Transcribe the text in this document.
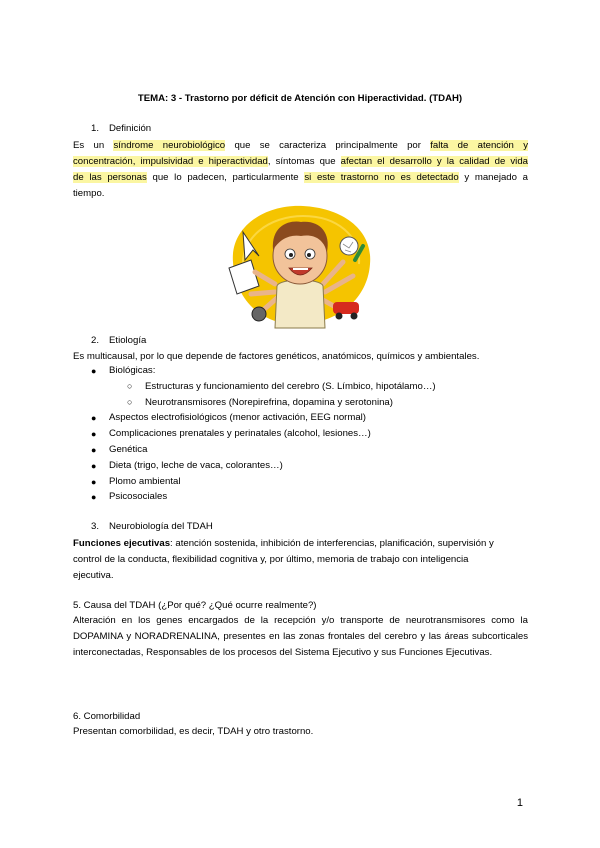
TEMA: 3 - Trastorno por déficit de Atención con Hiperactividad. (TDAH)
1. Definición
Es un síndrome neurobiológico que se caracteriza principalmente por falta de atención y
concentración, impulsividad e hiperactividad, síntomas que afectan el desarrollo y la calidad de vida
de las personas que lo padecen, particularmente si este trastorno no es detectado y manejado a
tiempo.
2. Etiología
Es multicausal, por lo que depende de factores genéticos, anatómicos, químicos y ambientales.
● Biológicas:
○ Estructuras y funcionamiento del cerebro (S. Límbico, hipotálamo…)
○ Neurotransmisores (Norepirefrina, dopamina y serotonina)
● Aspectos electrofisiológicos (menor activación, EEG normal)
● Complicaciones prenatales y perinatales (alcohol, lesiones…)
● Genética
● Dieta (trigo, leche de vaca, colorantes…)
● Plomo ambiental
● Psicosociales
3. Neurobiología del TDAH
Funciones ejecutivas: atención sostenida, inhibición de interferencias, planificación, supervisión y
control de la conducta, flexibilidad cognitiva y, por último, memoria de trabajo con inteligencia
ejecutiva.
5. Causa del TDAH (¿Por qué? ¿Qué ocurre realmente?)
Alteración en los genes encargados de la recepción y/o transporte de neurotransmisores como la
DOPAMINA y NORADRENALINA, presentes en las zonas frontales del cerebro y las áreas subcorticales
interconectadas, Responsables de los procesos del Sistema Ejecutivo y sus Funciones Ejecutivas.
6. Comorbilidad
Presentan comorbilidad, es decir, TDAH y otro trastorno.
1
